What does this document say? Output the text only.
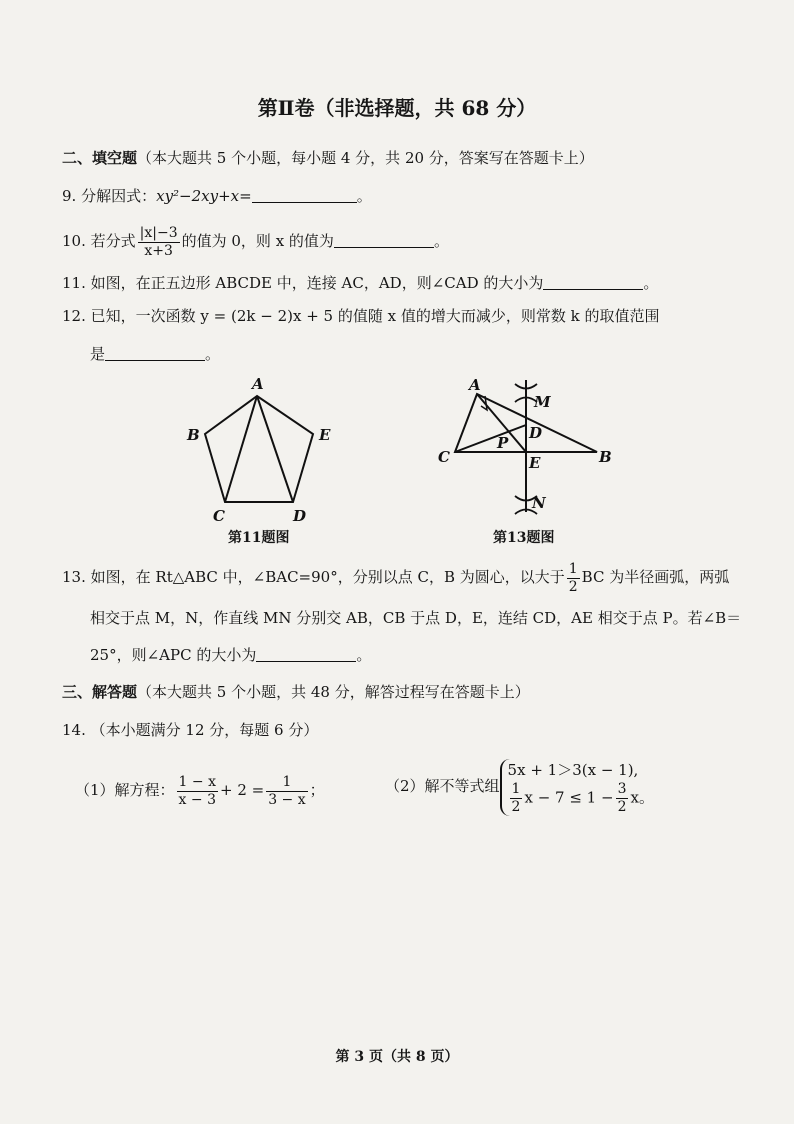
第Ⅱ卷（非选择题，共 68 分）
二、填空题（本大题共 5 个小题，每小题 4 分，共 20 分，答案写在答题卡上）
9. 分解因式：xy²−2xy+x=	。
10. 若分式 $\frac{|x|-3}{x+3}$ 的值为 0，则 x 的值为	。
11. 如图，在正五边形 ABCDE 中，连接 AC，AD，则∠CAD 的大小为	。
12. 已知，一次函数 y = (2k − 2)x + 5 的值随 x 值的增大而减少，则常数 k 的取值范围
是	。
A
B
C	D
E
第11题图
A
B
C
D
E
M
N
P
第13题图
13. 如图，在 Rt△ABC 中，∠BAC=90°，分别以点 C，B 为圆心，以大于 $\frac{1}{2}$ BC 为半径画弧，两弧
相交于点 M，N，作直线 MN 分别交 AB，CB 于点 D，E，连结 CD，AE 相交于点 P。若∠B＝
25°，则∠APC 的大小为	。
三、解答题（本大题共 5 个小题，共 48 分，解答过程写在答题卡上）
14. （本小题满分 12 分，每题 6 分）
（1）解方程： $\frac{1 - x}{x - 3} + 2 = \frac{1}{3 - x}$ ；	（2）解不等式组
5x + 1＞3(x − 1),
$\frac{1}{2}$ $x - 7 \le 1 - \frac{3}{2}$ x。
第 3 页（共 8 页）
